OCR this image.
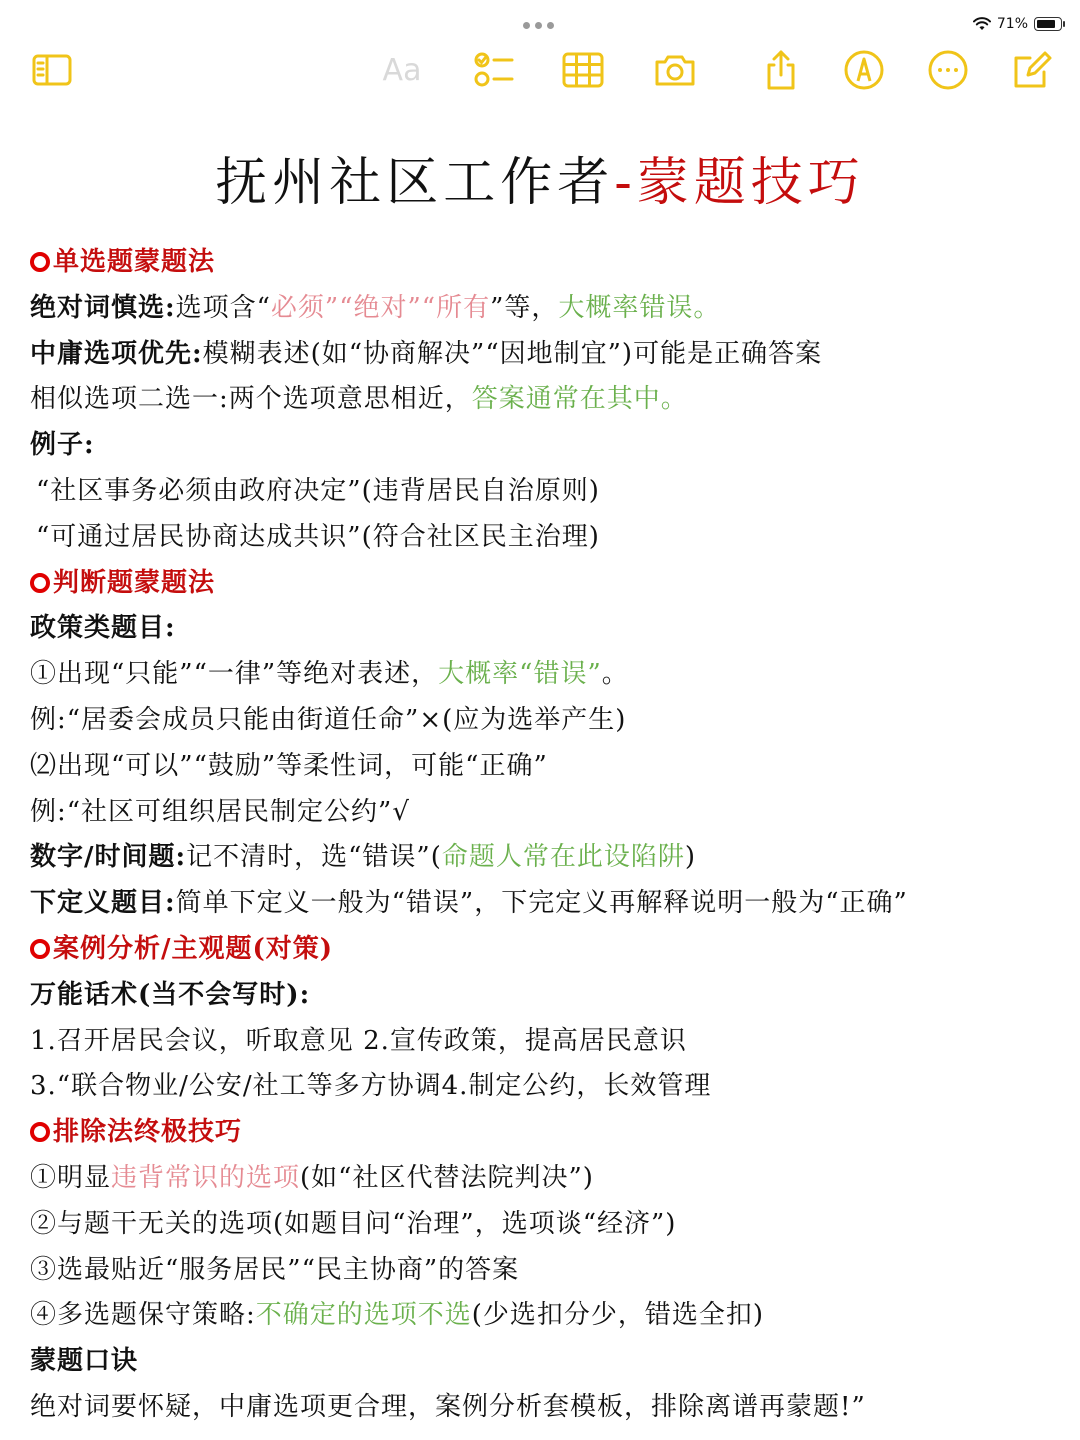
71%
Aa
抚州社区工作者-蒙题技巧
单选题蒙题法
绝对词慎选:选项含“必须”“绝对”“所有”等，大概率错误。
中庸选项优先:模糊表述(如“协商解决”“因地制宜”)可能是正确答案
相似选项二选一:两个选项意思相近，答案通常在其中。
例子:
“社区事务必须由政府决定”(违背居民自治原则)
“可通过居民协商达成共识”(符合社区民主治理)
判断题蒙题法
政策类题目:
①出现“只能”“一律”等绝对表述，大概率“错误”。
例:“居委会成员只能由街道任命”×(应为选举产生)
⑵出现“可以”“鼓励”等柔性词，可能“正确”
例:“社区可组织居民制定公约”√
数字/时间题:记不清时，选“错误”(命题人常在此设陷阱)
下定义题目:简单下定义一般为“错误”，下完定义再解释说明一般为“正确”
案例分析/主观题(对策)
万能话术(当不会写时):
1.召开居民会议，听取意见 2.宣传政策，提高居民意识
3.“联合物业/公安/社工等多方协调4.制定公约，长效管理
排除法终极技巧
①明显违背常识的选项(如“社区代替法院判决”)
②与题干无关的选项(如题目问“治理”，选项谈“经济”)
③选最贴近“服务居民”“民主协商”的答案
④多选题保守策略:不确定的选项不选(少选扣分少，错选全扣)
蒙题口诀
绝对词要怀疑，中庸选项更合理，案例分析套模板，排除离谱再蒙题!”
